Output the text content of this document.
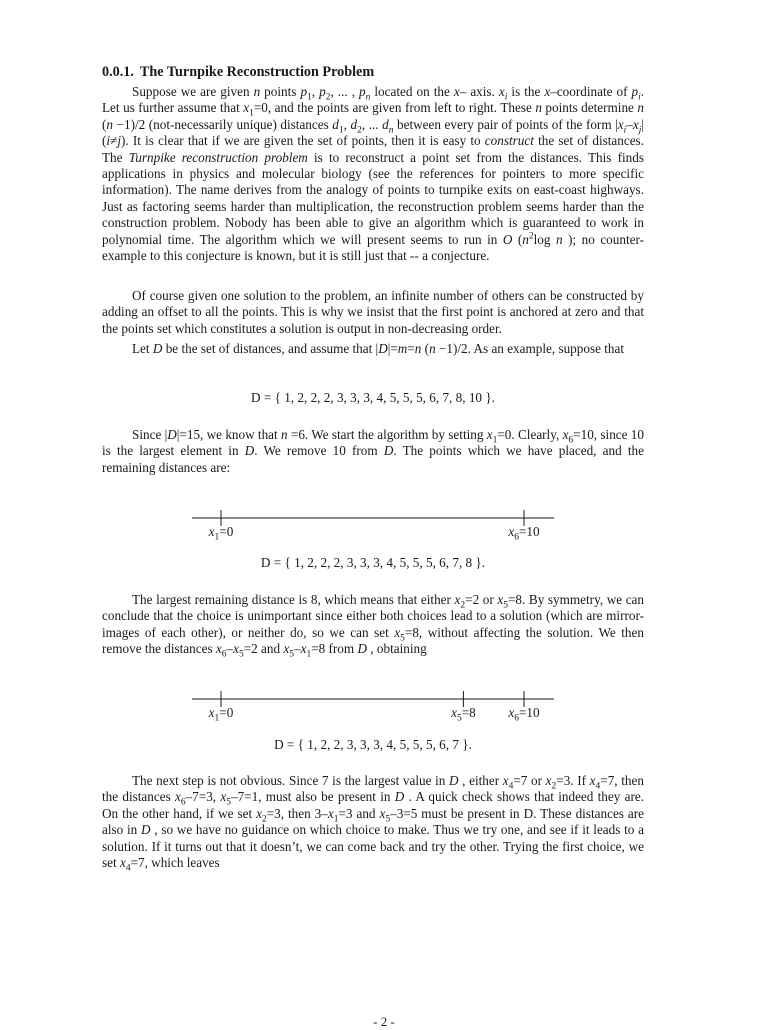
0.0.1. The Turnpike Reconstruction Problem

Suppose we are given n points $p_1$, $p_2$, ... , $p_n$ located on the x– axis. $x_i$ is the x–coordinate of $p_i$. Let us further assume that $x_1=0$, and the points are given from left to right. These n points determine n (n −1)/2 (not-necessarily unique) distances $d_1$, $d_2$, ... $d_n$ between every pair of points of the form $|x_i-x_j|$ (i≠j). It is clear that if we are given the set of points, then it is easy to construct the set of distances. The Turnpike reconstruction problem is to reconstruct a point set from the distances. This finds applications in physics and molecular biology (see the references for pointers to more specific information). The name derives from the analogy of points to turnpike exits on east-coast highways. Just as factoring seems harder than multiplication, the reconstruction problem seems harder than the construction problem. Nobody has been able to give an algorithm which is guaranteed to work in polynomial time. The algorithm which we will present seems to run in O ($n^2\log$ n ); no counter-example to this conjecture is known, but it is still just that -- a conjecture.

Of course given one solution to the problem, an infinite number of others can be constructed by adding an offset to all the points. This is why we insist that the first point is anchored at zero and that the points set which constitutes a solution is output in non-decreasing order.

Let D be the set of distances, and assume that |D|=m=n (n −1)/2. As an example, suppose that

D = { 1, 2, 2, 2, 3, 3, 3, 4, 5, 5, 5, 6, 7, 8, 10 }.

Since |D|=15, we know that n =6. We start the algorithm by setting $x_1=0$. Clearly, $x_6=10$, since 10 is the largest element in D. We remove 10 from D. The points which we have placed, and the remaining distances are:

$x_1=0$	$x_6=10$
D = { 1, 2, 2, 2, 3, 3, 3, 4, 5, 5, 5, 6, 7, 8 }.

The largest remaining distance is 8, which means that either $x_2=2$ or $x_5=8$. By symmetry, we can conclude that the choice is unimportant since either both choices lead to a solution (which are mirror-images of each other), or neither do, so we can set $x_5=8$, without affecting the solution. We then remove the distances $x_6-x_5=2$ and $x_5-x_1=8$ from D , obtaining

$x_1=0$	$x_5=8$ $x_6=10$
D = { 1, 2, 2, 3, 3, 3, 4, 5, 5, 5, 6, 7 }.

The next step is not obvious. Since 7 is the largest value in D , either $x_4=7$ or $x_2=3$. If $x_4=7$, then the distances $x_6-7=3$, $x_5-7=1$, must also be present in D . A quick check shows that indeed they are. On the other hand, if we set $x_2=3$, then $3-x_1=3$ and $x_5-3=5$ must be present in D. These distances are also in D , so we have no guidance on which choice to make. Thus we try one, and see if it leads to a solution. If it turns out that it doesn’t, we can come back and try the other. Trying the first choice, we set $x_4=7$, which leaves

- 2 -
